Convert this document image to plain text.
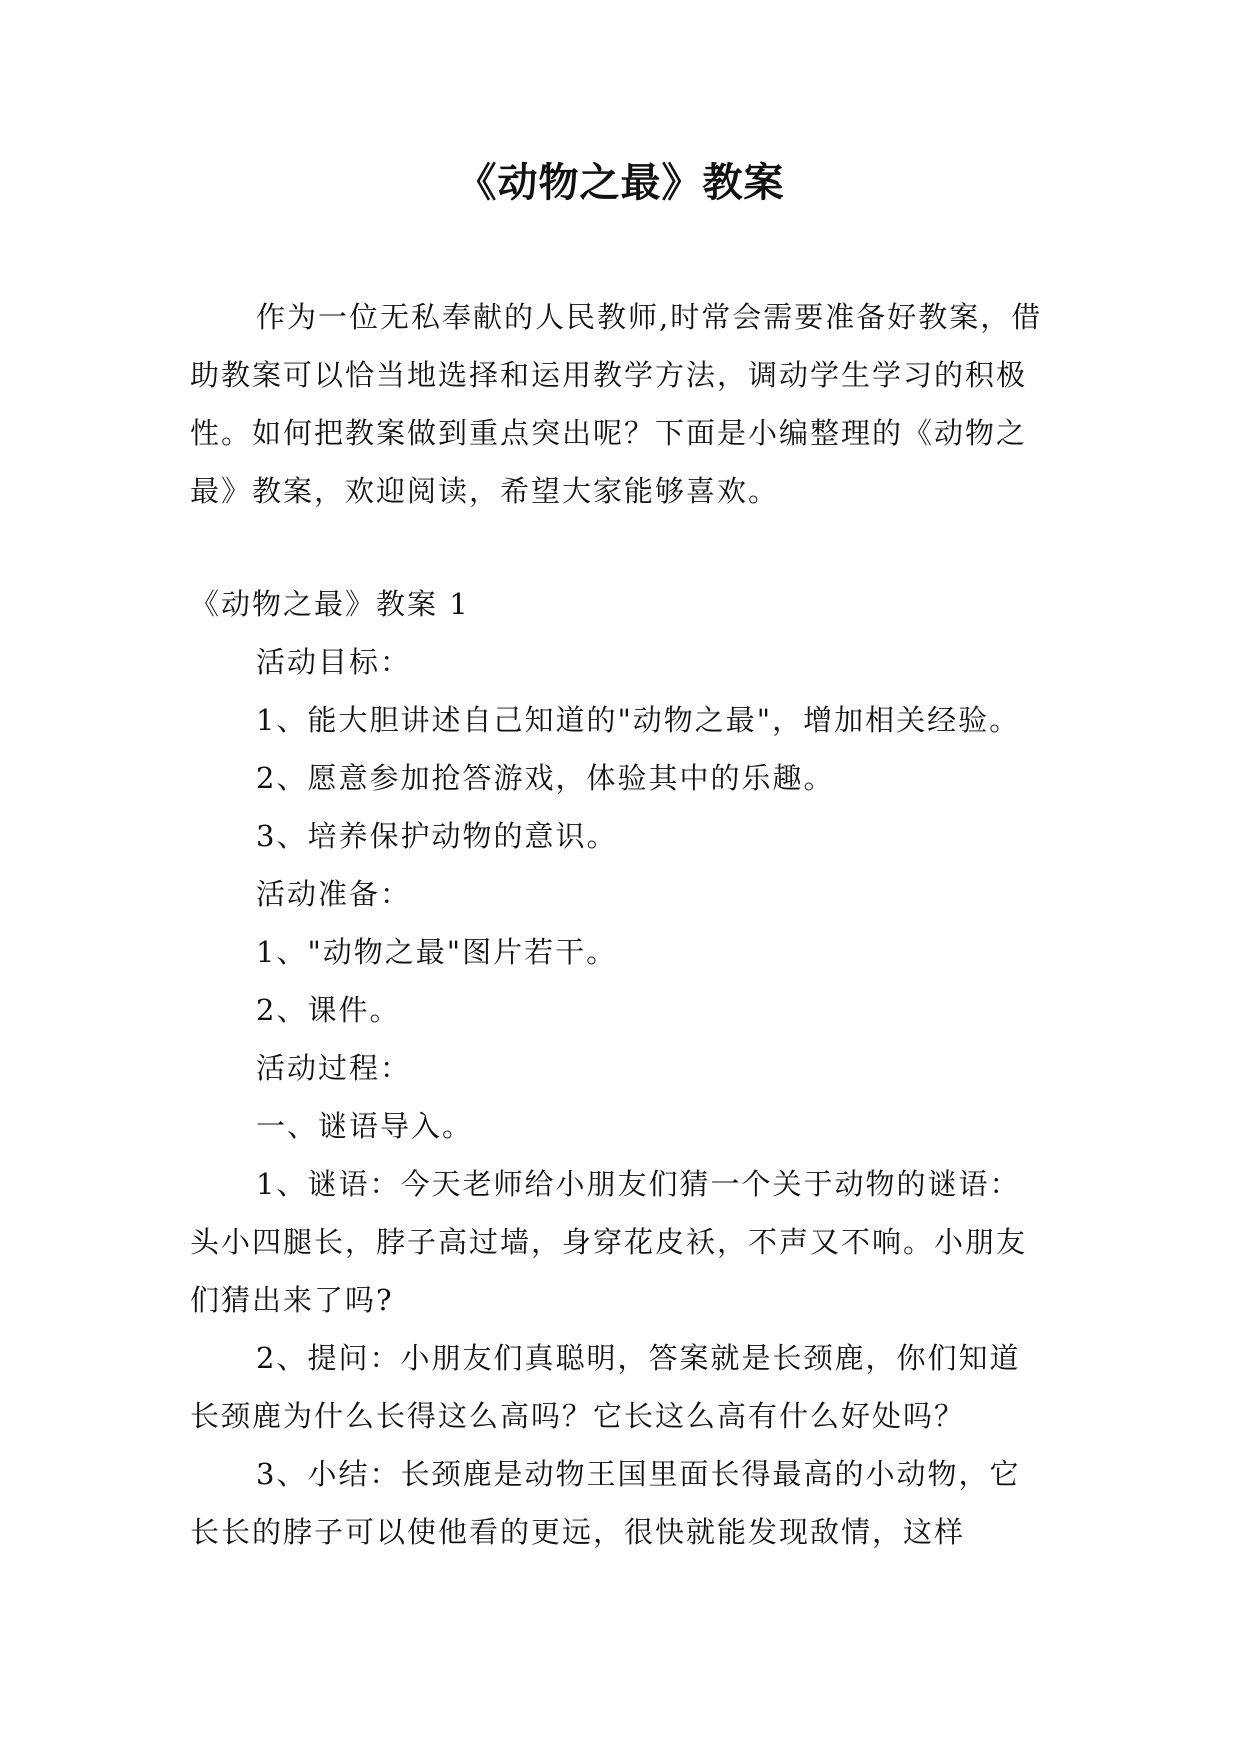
《动物之最》教案

作为一位无私奉献的人民教师,时常会需要准备好教案，借助教案可以恰当地选择和运用教学方法，调动学生学习的积极性。如何把教案做到重点突出呢？下面是小编整理的《动物之最》教案，欢迎阅读，希望大家能够喜欢。

《动物之最》教案 1
活动目标：
1、能大胆讲述自己知道的"动物之最"，增加相关经验。
2、愿意参加抢答游戏，体验其中的乐趣。
3、培养保护动物的意识。
活动准备：
1、"动物之最"图片若干。
2、课件。
活动过程：
一、谜语导入。
1、谜语：今天老师给小朋友们猜一个关于动物的谜语：头小四腿长，脖子高过墙，身穿花皮袄，不声又不响。小朋友们猜出来了吗?
2、提问：小朋友们真聪明，答案就是长颈鹿，你们知道长颈鹿为什么长得这么高吗？它长这么高有什么好处吗？
3、小结：长颈鹿是动物王国里面长得最高的小动物，它长长的脖子可以使他看的更远，很快就能发现敌情，这样
